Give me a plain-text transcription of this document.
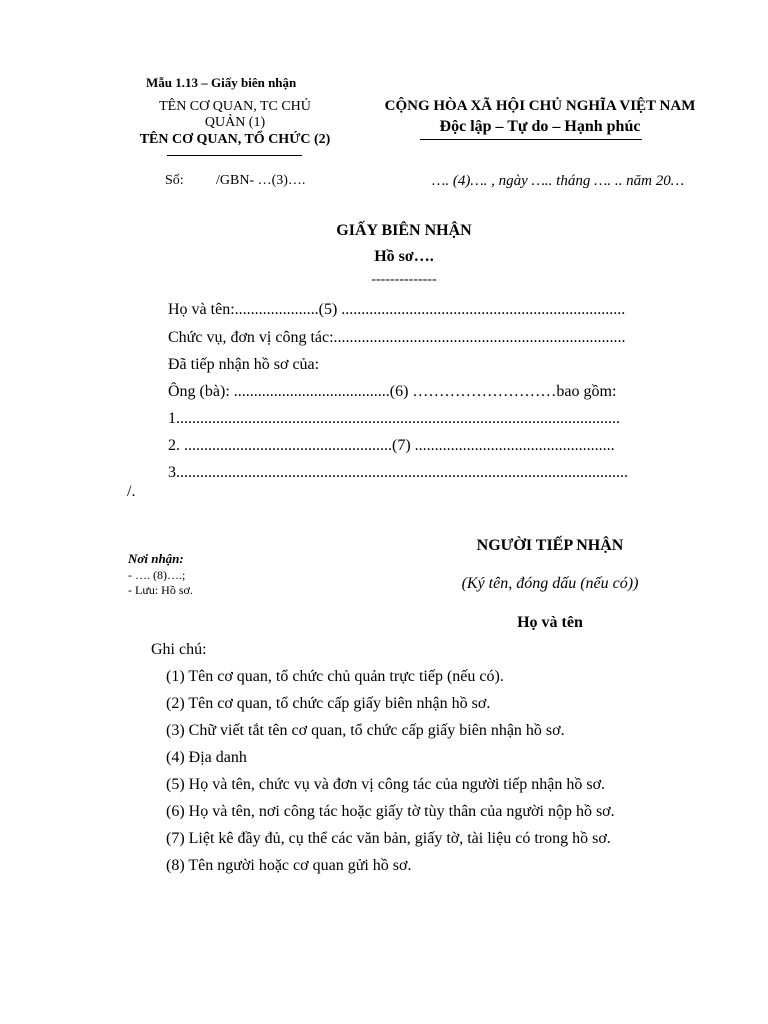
Mẫu 1.13 – Giấy biên nhận
TÊN CƠ QUAN, TC CHỦ
QUẢN (1)
TÊN CƠ QUAN, TỔ CHỨC (2)
CỘNG HÒA XÃ HỘI CHỦ NGHĨA VIỆT NAM
Độc lập – Tự do – Hạnh phúc
Số: /GBN- …(3)….	…. (4)…. , ngày ….. tháng …. .. năm 20…
GIẤY BIÊN NHẬN
Hồ sơ….
--------------
Họ và tên:.....................(5) .......................................................................
Chức vụ, đơn vị công tác:.........................................................................
Đã tiếp nhận hồ sơ của:
Ông (bà): .......................................(6) ………………………bao gồm:
1...............................................................................................................
2. ....................................................(7) ..................................................
3.................................................................................................................
/.
Nơi nhận:
- …. (8)….;
- Lưu: Hồ sơ.
NGƯỜI TIẾP NHẬN
(Ký tên, đóng dấu (nếu có))
Họ và tên
Ghi chú:
(1) Tên cơ quan, tổ chức chủ quản trực tiếp (nếu có).
(2) Tên cơ quan, tổ chức cấp giấy biên nhận hồ sơ.
(3) Chữ viết tắt tên cơ quan, tổ chức cấp giấy biên nhận hồ sơ.
(4) Địa danh
(5) Họ và tên, chức vụ và đơn vị công tác của người tiếp nhận hồ sơ.
(6) Họ và tên, nơi công tác hoặc giấy tờ tùy thân của người nộp hồ sơ.
(7) Liệt kê đầy đủ, cụ thể các văn bản, giấy tờ, tài liệu có trong hồ sơ.
(8) Tên người hoặc cơ quan gửi hồ sơ.
